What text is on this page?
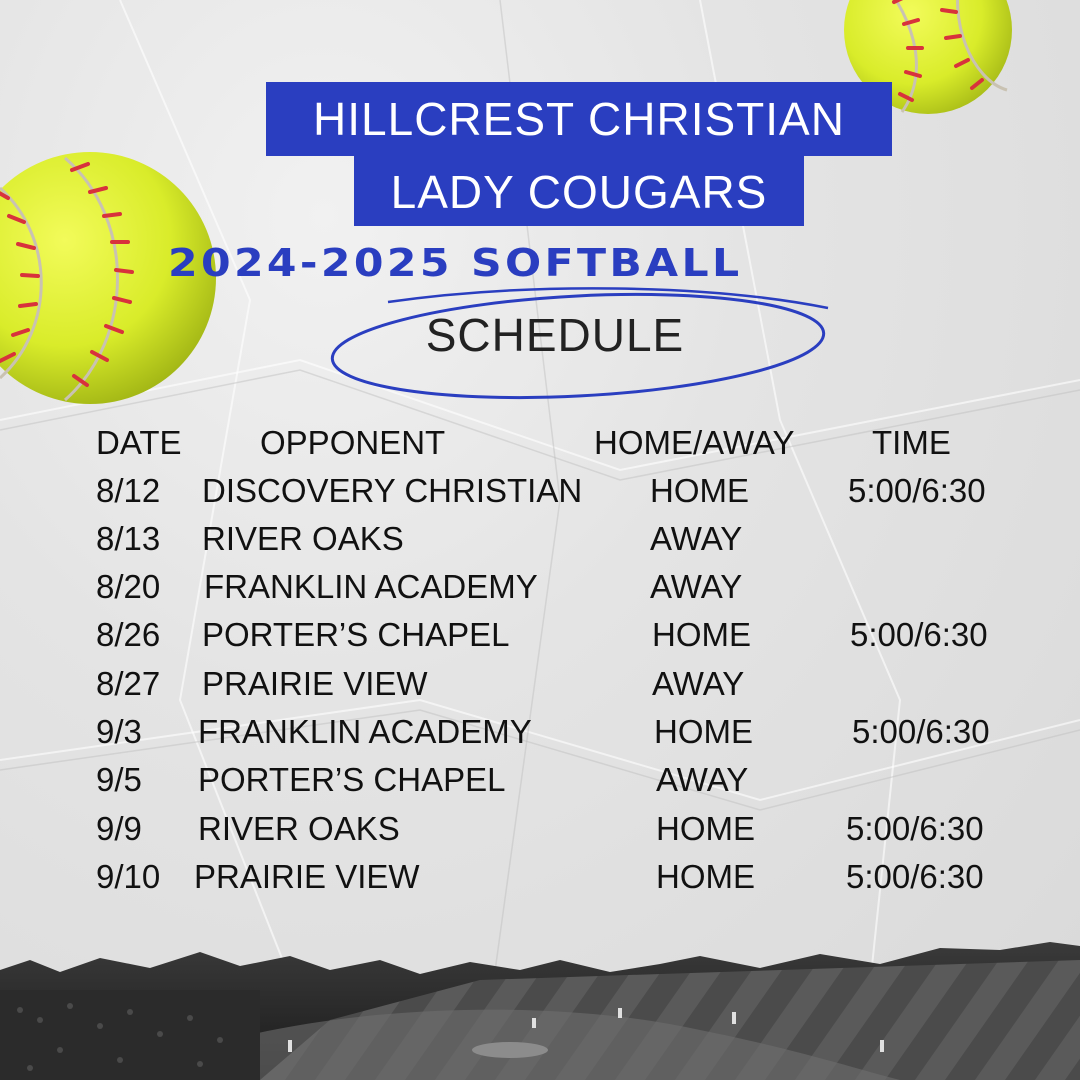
HILLCREST CHRISTIAN
LADY COUGARS
2024-2025 SOFTBALL
SCHEDULE
DATE OPPONENT	HOME/AWAY TIME
8/12 DISCOVERY CHRISTIAN HOME	5:00/6:30
8/13 RIVER OAKS	AWAY
8/20 FRANKLIN ACADEMY	AWAY
8/26 PORTER’S CHAPEL	HOME	5:00/6:30
8/27 PRAIRIE VIEW	AWAY
9/3 FRANKLIN ACADEMY	HOME	5:00/6:30
9/5 PORTER’S CHAPEL	AWAY
9/9 RIVER OAKS	HOME	5:00/6:30
9/10 PRAIRIE VIEW	HOME	5:00/6:30
